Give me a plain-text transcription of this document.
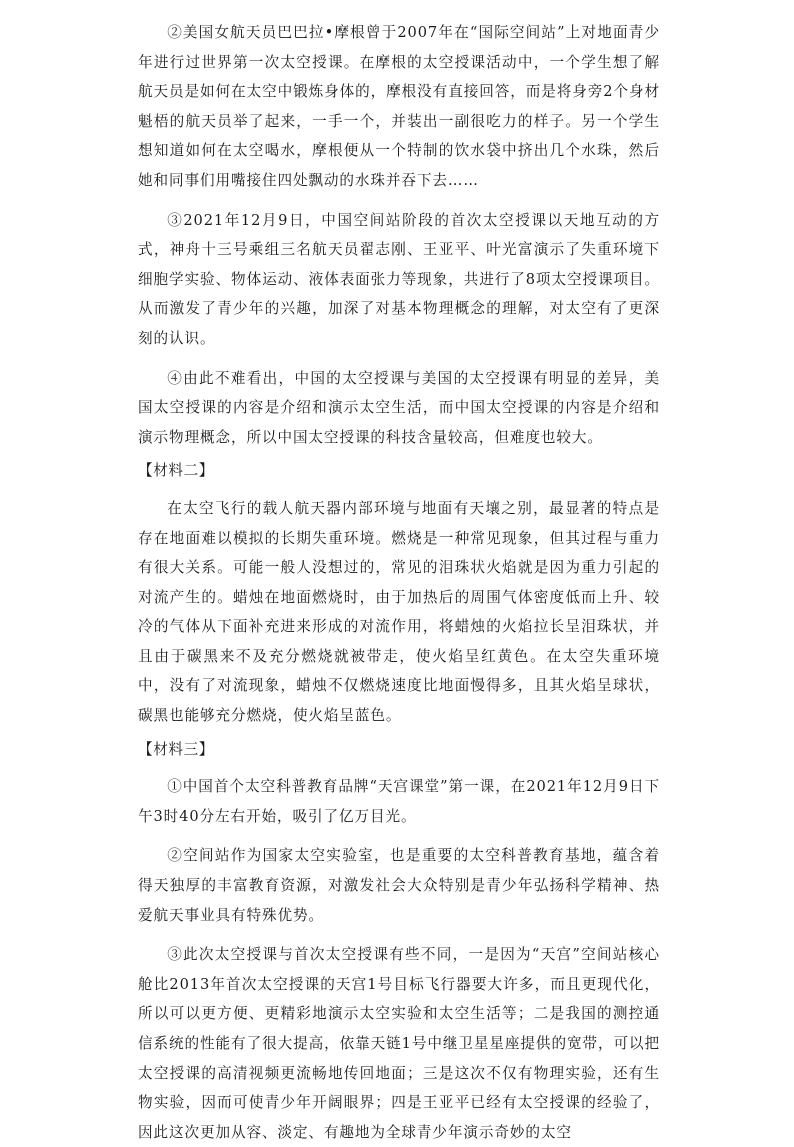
②美国女航天员巴巴拉•摩根曾于2007年在“国际空间站”上对地面青少年进行过世界第一次太空授课。在摩根的太空授课活动中，一个学生想了解航天员是如何在太空中锻炼身体的，摩根没有直接回答，而是将身旁2个身材魁梧的航天员举了起来，一手一个，并装出一副很吃力的样子。另一个学生想知道如何在太空喝水，摩根便从一个特制的饮水袋中挤出几个水珠，然后她和同事们用嘴接住四处飘动的水珠并吞下去……

③2021年12月9日，中国空间站阶段的首次太空授课以天地互动的方式，神舟十三号乘组三名航天员翟志刚、王亚平、叶光富演示了失重环境下细胞学实验、物体运动、液体表面张力等现象，共进行了8项太空授课项目。从而激发了青少年的兴趣，加深了对基本物理概念的理解，对太空有了更深刻的认识。

④由此不难看出，中国的太空授课与美国的太空授课有明显的差异，美国太空授课的内容是介绍和演示太空生活，而中国太空授课的内容是介绍和演示物理概念，所以中国太空授课的科技含量较高，但难度也较大。

【材料二】

在太空飞行的载人航天器内部环境与地面有天壤之别，最显著的特点是存在地面难以模拟的长期失重环境。燃烧是一种常见现象，但其过程与重力有很大关系。可能一般人没想过的，常见的泪珠状火焰就是因为重力引起的对流产生的。蜡烛在地面燃烧时，由于加热后的周围气体密度低而上升、较冷的气体从下面补充进来形成的对流作用，将蜡烛的火焰拉长呈泪珠状，并且由于碳黑来不及充分燃烧就被带走，使火焰呈红黄色。在太空失重环境中，没有了对流现象，蜡烛不仅燃烧速度比地面慢得多，且其火焰呈球状，碳黑也能够充分燃烧，使火焰呈蓝色。

【材料三】

①中国首个太空科普教育品牌“天宫课堂”第一课，在2021年12月9日下午3时40分左右开始，吸引了亿万目光。

②空间站作为国家太空实验室，也是重要的太空科普教育基地，蕴含着得天独厚的丰富教育资源，对激发社会大众特别是青少年弘扬科学精神、热爱航天事业具有特殊优势。

③此次太空授课与首次太空授课有些不同，一是因为“天宫”空间站核心舱比2013年首次太空授课的天宫1号目标飞行器要大许多，而且更现代化，所以可以更方便、更精彩地演示太空实验和太空生活等；二是我国的测控通信系统的性能有了很大提高，依靠天链1号中继卫星星座提供的宽带，可以把太空授课的高清视频更流畅地传回地面；三是这次不仅有物理实验，还有生物实验，因而可使青少年开阔眼界；四是王亚平已经有太空授课的经验了，因此这次更加从容、淡定、有趣地为全球青少年演示奇妙的太空
